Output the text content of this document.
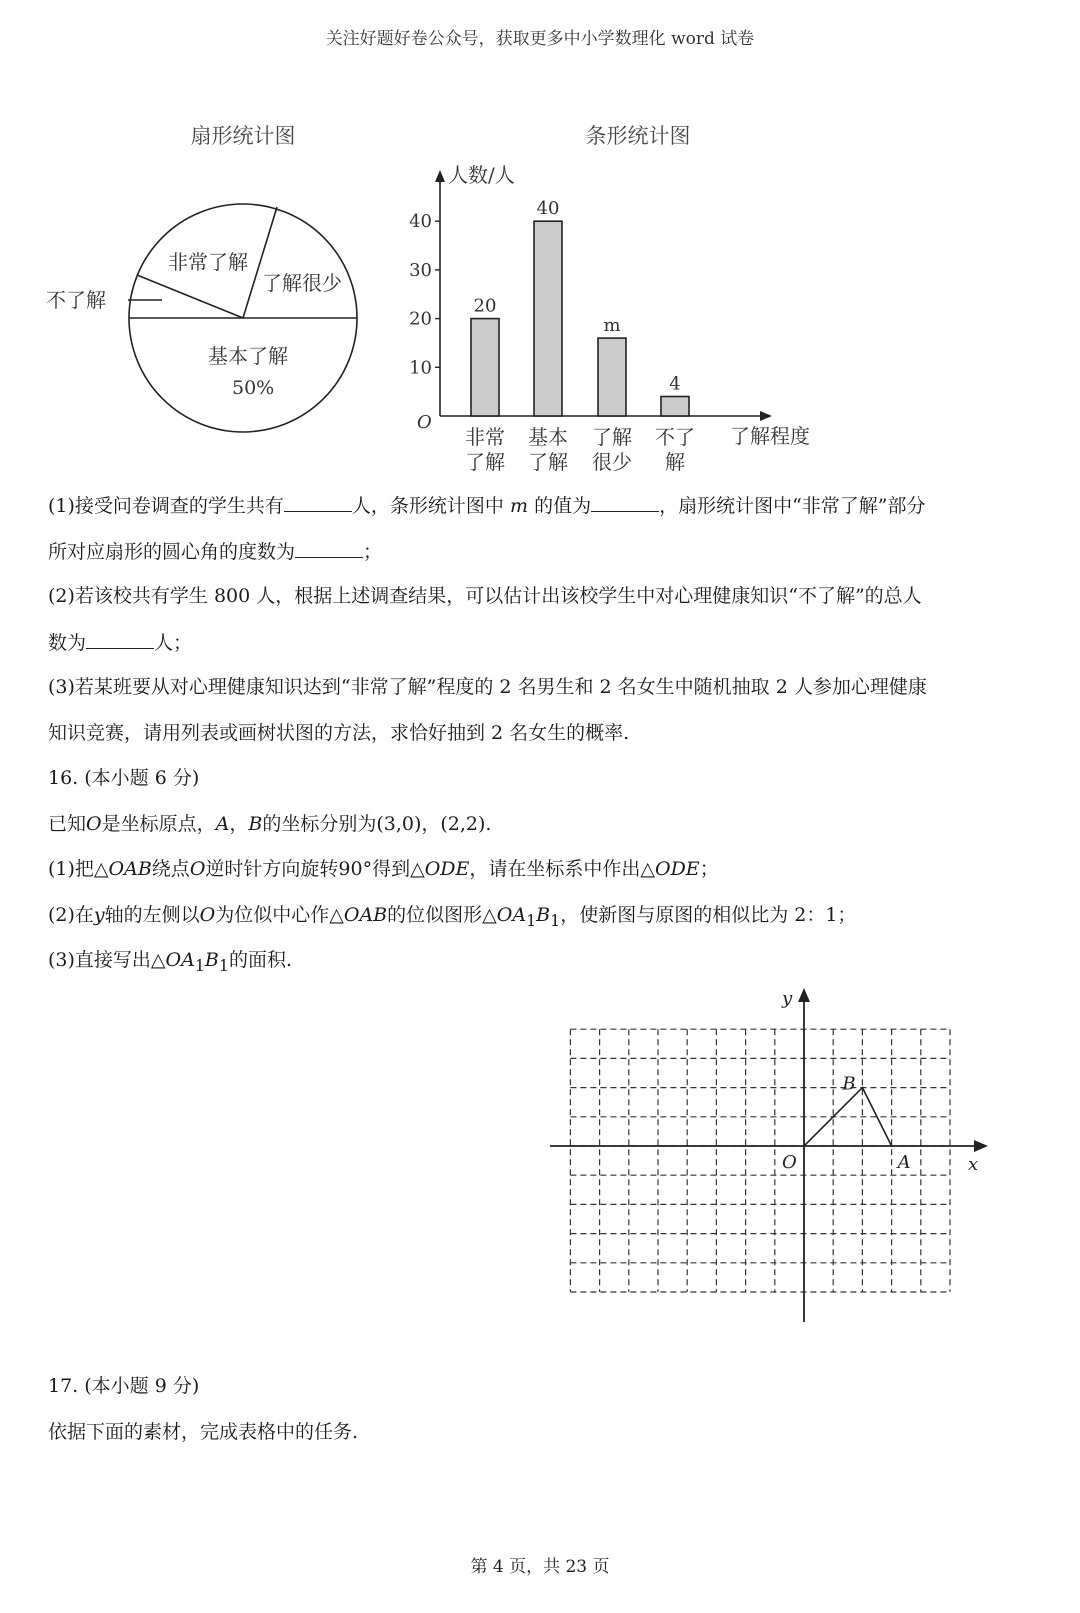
关注好题好卷公众号，获取更多中小学数理化 word 试卷
扇形统计图
非常了解
了解很少
不了解
基本了解
50%
条形统计图
人数/人
了解程度
O
10
20
30
40
20
非常
了解
40
基本
了解
m
了解
很少
4
不了
解
(1)接受问卷调查的学生共有	人，条形统计图中 m 的值为	，扇形统计图中“非常了解”部分
所对应扇形的圆心角的度数为	；
(2)若该校共有学生 800 人，根据上述调查结果，可以估计出该校学生中对心理健康知识“不了解”的总人
数为	人；
(3)若某班要从对心理健康知识达到“非常了解”程度的 2 名男生和 2 名女生中随机抽取 2 人参加心理健康
知识竞赛，请用列表或画树状图的方法，求恰好抽到 2 名女生的概率.
16. (本小题 6 分)
已知O是坐标原点，A，B的坐标分别为(3,0)，(2,2).
(1)把△OAB绕点O逆时针方向旋转90°得到△ODE，请在坐标系中作出△ODE；
(2)在y轴的左侧以O为位似中心作△OAB的位似图形$\triangle OA_1B_1$，使新图与原图的相似比为 2：1；
(3)直接写出$\triangle OA_1B_1$的面积.
x
y
O	A
B
17. (本小题 9 分)
依据下面的素材，完成表格中的任务.
第 4 页，共 23 页
